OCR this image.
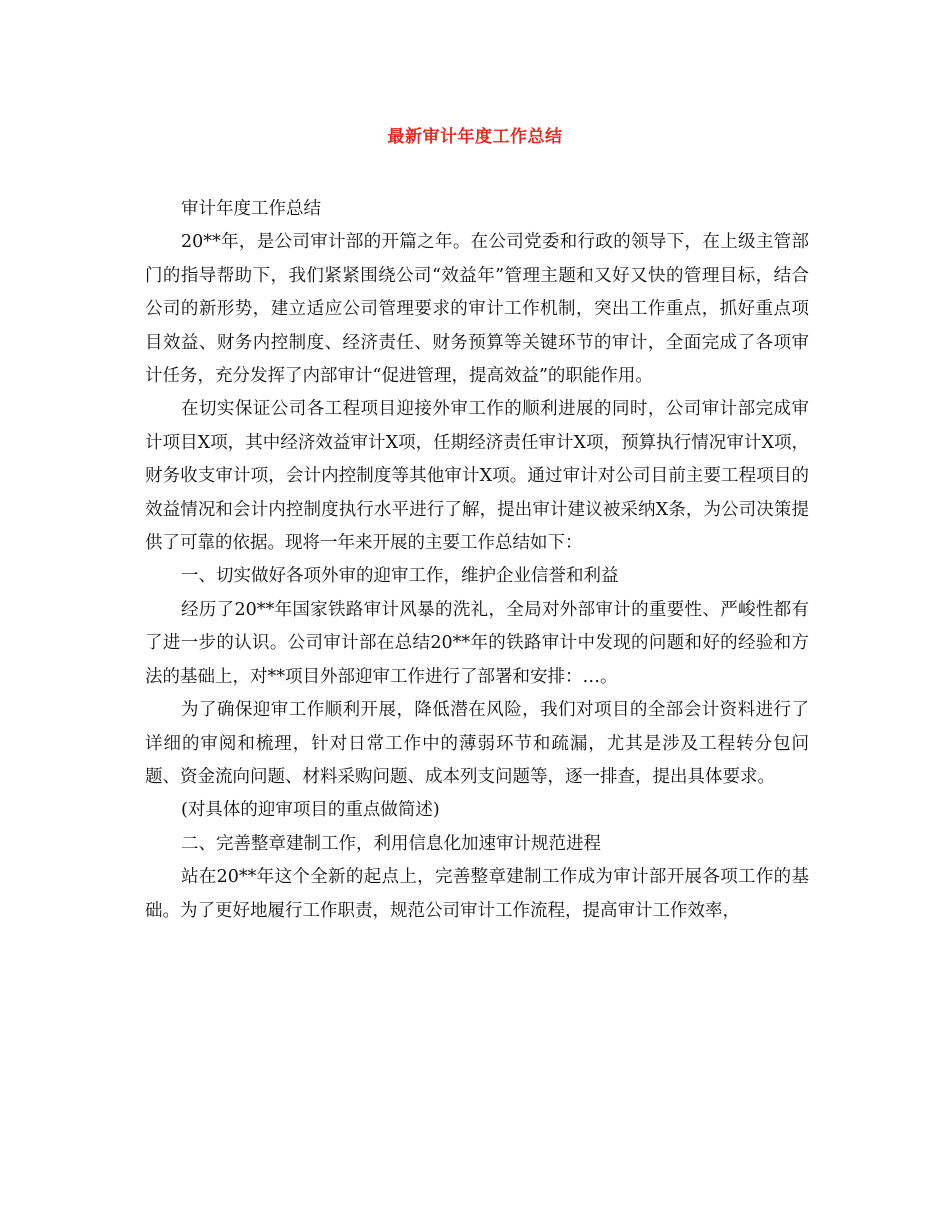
最新审计年度工作总结

审计年度工作总结

20**年，是公司审计部的开篇之年。在公司党委和行政的领导下，在上级主管部门的指导帮助下，我们紧紧围绕公司“效益年”管理主题和又好又快的管理目标，结合公司的新形势，建立适应公司管理要求的审计工作机制，突出工作重点，抓好重点项目效益、财务内控制度、经济责任、财务预算等关键环节的审计，全面完成了各项审计任务，充分发挥了内部审计“促进管理，提高效益”的职能作用。

在切实保证公司各工程项目迎接外审工作的顺利进展的同时，公司审计部完成审计项目X项，其中经济效益审计X项，任期经济责任审计X项，预算执行情况审计X项，财务收支审计项，会计内控制度等其他审计X项。通过审计对公司目前主要工程项目的效益情况和会计内控制度执行水平进行了解，提出审计建议被采纳X条，为公司决策提供了可靠的依据。现将一年来开展的主要工作总结如下：

一、切实做好各项外审的迎审工作，维护企业信誉和利益

经历了20**年国家铁路审计风暴的洗礼，全局对外部审计的重要性、严峻性都有了进一步的认识。公司审计部在总结20**年的铁路审计中发现的问题和好的经验和方法的基础上，对**项目外部迎审工作进行了部署和安排：…。

为了确保迎审工作顺利开展，降低潜在风险，我们对项目的全部会计资料进行了详细的审阅和梳理，针对日常工作中的薄弱环节和疏漏，尤其是涉及工程转分包问题、资金流向问题、材料采购问题、成本列支问题等，逐一排查，提出具体要求。

(对具体的迎审项目的重点做简述)

二、完善整章建制工作，利用信息化加速审计规范进程

站在20**年这个全新的起点上，完善整章建制工作成为审计部开展各项工作的基础。为了更好地履行工作职责，规范公司审计工作流程，提高审计工作效率，
